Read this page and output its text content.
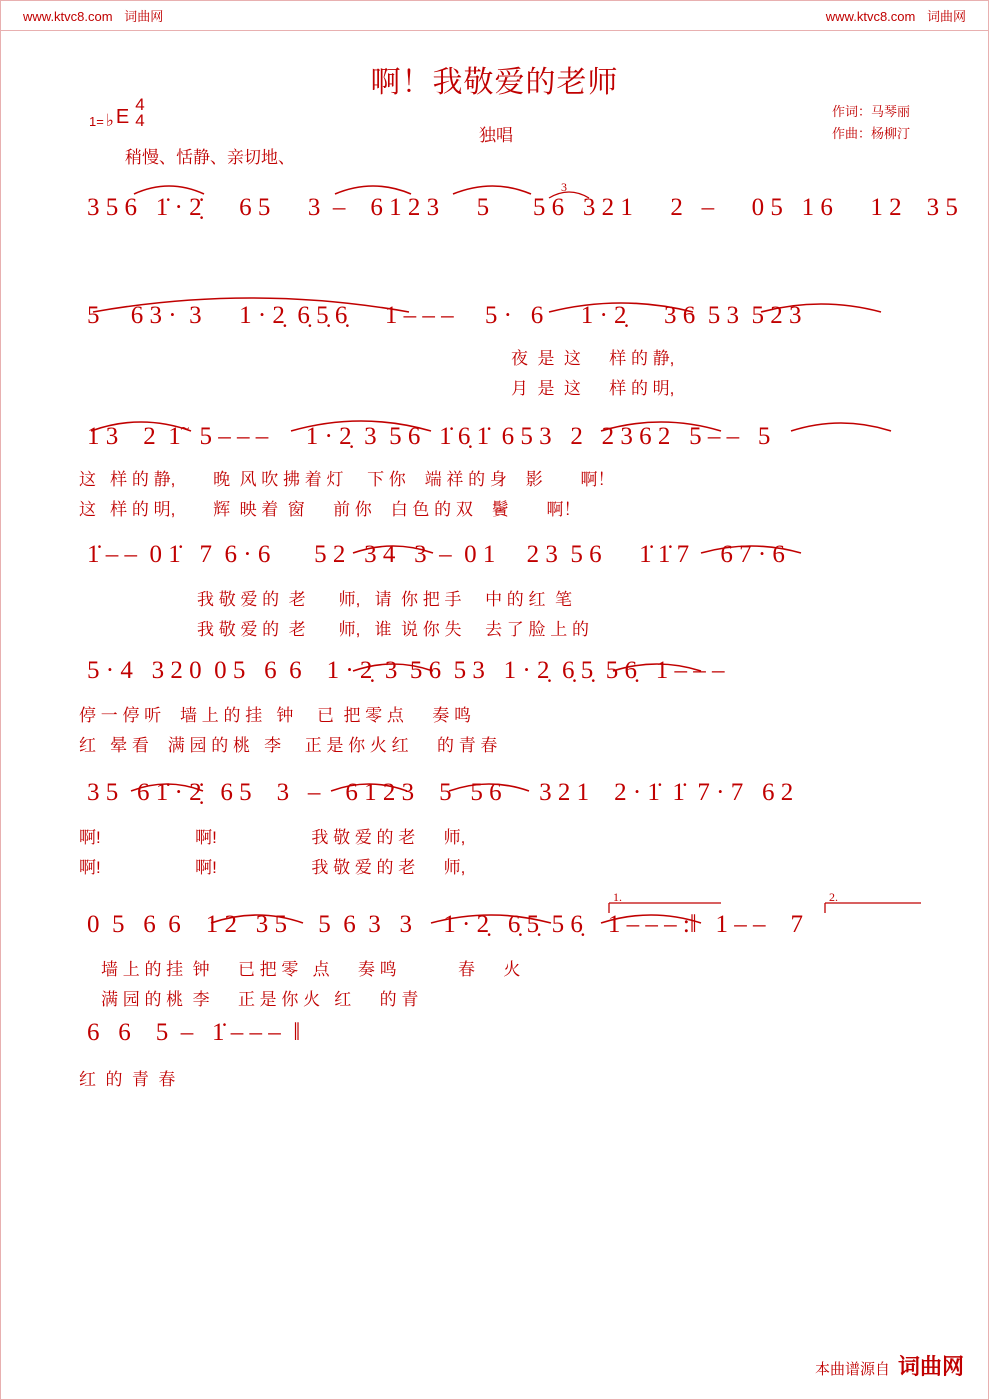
www.ktvc8.com 词曲网	www.ktvc8.com 词曲网
啊！我敬爱的老师
1= ♭ E
4
4
稍慢、恬静、亲切地、
独唱
作词：马琴丽
作曲：杨柳汀
3
3 5 6   1̇ · 2̣̇      6 5      3  –    6 1 2 3      5       5 6   3 2 1      2   –      0 5   1 6      1 2    3 5
5     6 3 ·  3      1 · 2̣  6̣ 5̣ 6̣      1 – – –     5 ·   6      1 · 2̣      3 6  5 3  5 2 3
夜  是  这      样 的 静,
月  是  这      样 的 明,
1 3    2  1̃   5 – – –      1 · 2̣  3  5 6   1̇ 6̣ 1̇  6 5 3   2   2 3 6 2   5 – –   5
这   样 的 静,        晚  风 吹 拂 着 灯     下 你    端 祥 的 身    影        啊！
这   样 的 明,        辉  映 着  窗      前 你    白 色 的 双    鬢        啊！
1̇ – –  0 1̇   7  6 · 6       5 2   3 4   3  –  0 1     2 3  5 6      1̇ 1̇ 7     6 7 · 6
我 敬 爱 的  老       师,   请  你 把 手     中 的 红  笔
我 敬 爱 的  老       师,   谁  说 你 失     去 了 脸 上 的
5 · 4   3 2 0  0 5   6  6    1 · 2̣  3  5 6  5 3   1 · 2̣  6̣ 5̣  5 6̣   1 – – –
停 一 停 听    墙 上 的 挂   钟     已  把 零 点      奏 鸣
红   晕 看    满 园 的 桃   李     正 是 你 火 红      的 青 春
3 5   6 1̇ · 2̣̇   6 5    3   –    6 1 2 3    5   5 6      3 2 1    2 · 1̇  1̇  7 · 7   6 2
啊!                    啊!                    我 敬 爱 的 老      师,
啊!                    啊!                    我 敬 爱 的 老      师,
1.	2.
0  5   6  6    1 2   3 5     5  6  3   3     1 · 2̣   6̣ 5̣  5 6̣    1 – – – :‖   1 – –    7
墙 上 的 挂  钟      已 把 零   点      奏 鸣             春      火
满 园 的 桃  李      正 是 你 火   红      的 青
6   6    5  –   1̇ – – –  ‖
红  的  青  春
本曲谱源自 词曲网
